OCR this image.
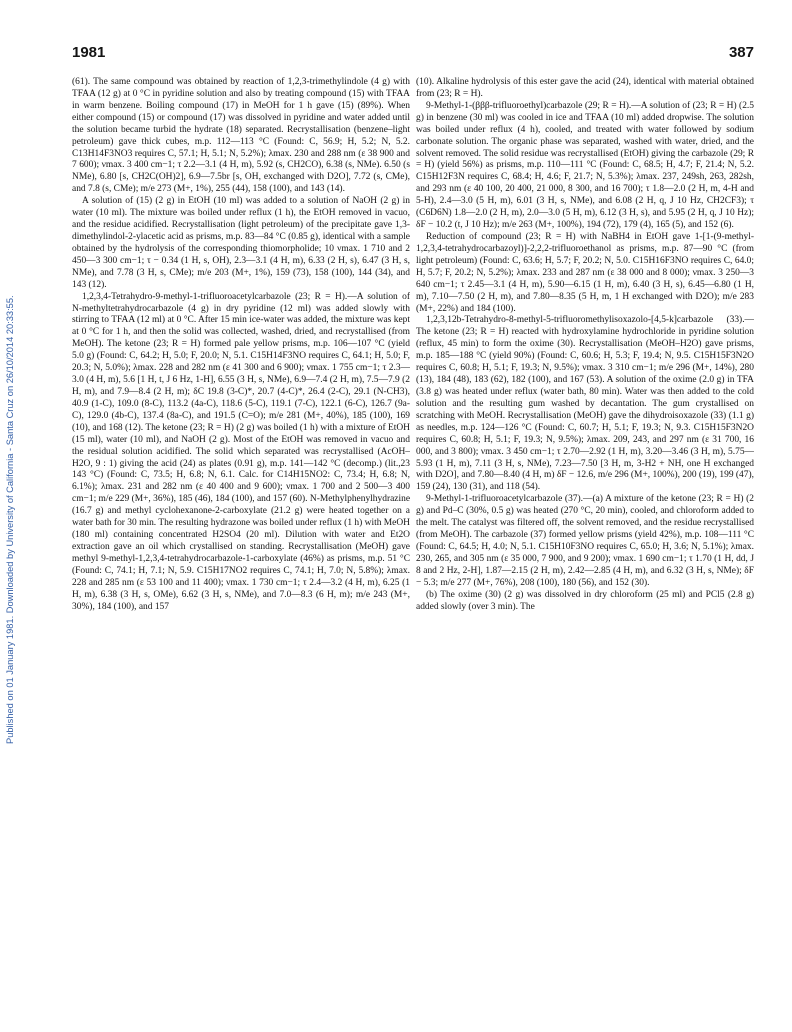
Published on 01 January 1981. Downloaded by University of California - Santa Cruz on 26/10/2014 20:33:55.
1981	387

(61). The same compound was obtained by reaction of 1,2,3-trimethylindole (4 g) with TFAA (12 g) at 0 °C in pyridine solution and also by treating compound (15) with TFAA in warm benzene. Boiling compound (17) in MeOH for 1 h gave (15) (89%). When either compound (15) or compound (17) was dissolved in pyridine and water added until the solution became turbid the hydrate (18) separated. Recrystallisation (benzene–light petroleum) gave thick cubes, m.p. 112—113 °C (Found: C, 56.9; H, 5.2; N, 5.2. C13H14F3NO3 requires C, 57.1; H, 5.1; N, 5.2%); λmax. 230 and 288 nm (ε 38 900 and 7 600); νmax. 3 400 cm−1; τ 2.2—3.1 (4 H, m), 5.92 (s, CH2CO), 6.38 (s, NMe). 6.50 (s NMe), 6.80 [s, CH2C(OH)2], 6.9—7.5br [s, OH, exchanged with D2O], 7.72 (s, CMe), and 7.8 (s, CMe); m/e 273 (M+, 1%), 255 (44), 158 (100), and 143 (14).

A solution of (15) (2 g) in EtOH (10 ml) was added to a solution of NaOH (2 g) in water (10 ml). The mixture was boiled under reflux (1 h), the EtOH removed in vacuo, and the residue acidified. Recrystallisation (light petroleum) of the precipitate gave 1,3-dimethylindol-2-ylacetic acid as prisms, m.p. 83—84 °C (0.85 g), identical with a sample obtained by the hydrolysis of the corresponding thiomorpholide; 10 νmax. 1 710 and 2 450—3 300 cm−1; τ − 0.34 (1 H, s, OH), 2.3—3.1 (4 H, m), 6.33 (2 H, s), 6.47 (3 H, s, NMe), and 7.78 (3 H, s, CMe); m/e 203 (M+, 1%), 159 (73), 158 (100), 144 (34), and 143 (12).

1,2,3,4-Tetrahydro-9-methyl-1-trifluoroacetylcarbazole (23; R = H).—A solution of N-methyltetrahydrocarbazole (4 g) in dry pyridine (12 ml) was added slowly with stirring to TFAA (12 ml) at 0 °C. After 15 min ice-water was added, the mixture was kept at 0 °C for 1 h, and then the solid was collected, washed, dried, and recrystallised (from MeOH). The ketone (23; R = H) formed pale yellow prisms, m.p. 106—107 °C (yield 5.0 g) (Found: C, 64.2; H, 5.0; F, 20.0; N, 5.1. C15H14F3NO requires C, 64.1; H, 5.0; F, 20.3; N, 5.0%); λmax. 228 and 282 nm (ε 41 300 and 6 900); νmax. 1 755 cm−1; τ 2.3—3.0 (4 H, m), 5.6 [1 H, t, J 6 Hz, 1-H], 6.55 (3 H, s, NMe), 6.9—7.4 (2 H, m), 7.5—7.9 (2 H, m), and 7.9—8.4 (2 H, m); δC 19.8 (3-C)*, 20.7 (4-C)*, 26.4 (2-C), 29.1 (N-CH3), 40.9 (1-C), 109.0 (8-C), 113.2 (4a-C), 118.6 (5-C), 119.1 (7-C), 122.1 (6-C), 126.7 (9a-C), 129.0 (4b-C), 137.4 (8a-C), and 191.5 (C=O); m/e 281 (M+, 40%), 185 (100), 169 (10), and 168 (12). The ketone (23; R = H) (2 g) was boiled (1 h) with a mixture of EtOH (15 ml), water (10 ml), and NaOH (2 g). Most of the EtOH was removed in vacuo and the residual solution acidified. The solid which separated was recrystallised (AcOH–H2O, 9 : 1) giving the acid (24) as plates (0.91 g), m.p. 141—142 °C (decomp.) (lit.,23 143 °C) (Found: C, 73.5; H, 6.8; N, 6.1. Calc. for C14H15NO2: C, 73.4; H, 6.8; N, 6.1%); λmax. 231 and 282 nm (ε 40 400 and 9 600); νmax. 1 700 and 2 500—3 400 cm−1; m/e 229 (M+, 36%), 185 (46), 184 (100), and 157 (60). N-Methylphenylhydrazine (16.7 g) and methyl cyclohexanone-2-carboxylate (21.2 g) were heated together on a water bath for 30 min. The resulting hydrazone was boiled under reflux (1 h) with MeOH (180 ml) containing concentrated H2SO4 (20 ml). Dilution with water and Et2O extraction gave an oil which crystallised on standing. Recrystallisation (MeOH) gave methyl 9-methyl-1,2,3,4-tetrahydrocarbazole-1-carboxylate (46%) as prisms, m.p. 51 °C (Found: C, 74.1; H, 7.1; N, 5.9. C15H17NO2 requires C, 74.1; H, 7.0; N, 5.8%); λmax. 228 and 285 nm (ε 53 100 and 11 400); νmax. 1 730 cm−1; τ 2.4—3.2 (4 H, m), 6.25 (1 H, m), 6.38 (3 H, s, OMe), 6.62 (3 H, s, NMe), and 7.0—8.3 (6 H, m); m/e 243 (M+, 30%), 184 (100), and 157

(10). Alkaline hydrolysis of this ester gave the acid (24), identical with material obtained from (23; R = H).

9-Methyl-1-(βββ-trifluoroethyl)carbazole (29; R = H).—A solution of (23; R = H) (2.5 g) in benzene (30 ml) was cooled in ice and TFAA (10 ml) added dropwise. The solution was boiled under reflux (4 h), cooled, and treated with water followed by sodium carbonate solution. The organic phase was separated, washed with water, dried, and the solvent removed. The solid residue was recrystallised (EtOH) giving the carbazole (29; R = H) (yield 56%) as prisms, m.p. 110—111 °C (Found: C, 68.5; H, 4.7; F, 21.4; N, 5.2. C15H12F3N requires C, 68.4; H, 4.6; F, 21.7; N, 5.3%); λmax. 237, 249sh, 263, 282sh, and 293 nm (ε 40 100, 20 400, 21 000, 8 300, and 16 700); τ 1.8—2.0 (2 H, m, 4-H and 5-H), 2.4—3.0 (5 H, m), 6.01 (3 H, s, NMe), and 6.08 (2 H, q, J 10 Hz, CH2CF3); τ (C6D6N) 1.8—2.0 (2 H, m), 2.0—3.0 (5 H, m), 6.12 (3 H, s), and 5.95 (2 H, q, J 10 Hz); δF − 10.2 (t, J 10 Hz); m/e 263 (M+, 100%), 194 (72), 179 (4), 165 (5), and 152 (6).

Reduction of compound (23; R = H) with NaBH4 in EtOH gave 1-[1-(9-methyl-1,2,3,4-tetrahydrocarbazoyl)]-2,2,2-trifluoroethanol as prisms, m.p. 87—90 °C (from light petroleum) (Found: C, 63.6; H, 5.7; F, 20.2; N, 5.0. C15H16F3NO requires C, 64.0; H, 5.7; F, 20.2; N, 5.2%); λmax. 233 and 287 nm (ε 38 000 and 8 000); νmax. 3 250—3 640 cm−1; τ 2.45—3.1 (4 H, m), 5.90—6.15 (1 H, m), 6.40 (3 H, s), 6.45—6.80 (1 H, m), 7.10—7.50 (2 H, m), and 7.80—8.35 (5 H, m, 1 H exchanged with D2O); m/e 283 (M+, 22%) and 184 (100).

1,2,3,12b-Tetrahydro-8-methyl-5-trifluoromethylisoxazolo-[4,5-k]carbazole (33).—The ketone (23; R = H) reacted with hydroxylamine hydrochloride in pyridine solution (reflux, 45 min) to form the oxime (30). Recrystallisation (MeOH–H2O) gave prisms, m.p. 185—188 °C (yield 90%) (Found: C, 60.6; H, 5.3; F, 19.4; N, 9.5. C15H15F3N2O requires C, 60.8; H, 5.1; F, 19.3; N, 9.5%); νmax. 3 310 cm−1; m/e 296 (M+, 14%), 280 (13), 184 (48), 183 (62), 182 (100), and 167 (53). A solution of the oxime (2.0 g) in TFA (3.8 g) was heated under reflux (water bath, 80 min). Water was then added to the cold solution and the resulting gum washed by decantation. The gum crystallised on scratching with MeOH. Recrystallisation (MeOH) gave the dihydroisoxazole (33) (1.1 g) as needles, m.p. 124—126 °C (Found: C, 60.7; H, 5.1; F, 19.3; N, 9.3. C15H15F3N2O requires C, 60.8; H, 5.1; F, 19.3; N, 9.5%); λmax. 209, 243, and 297 nm (ε 31 700, 16 000, and 3 800); νmax. 3 450 cm−1; τ 2.70—2.92 (1 H, m), 3.20—3.46 (3 H, m), 5.75—5.93 (1 H, m), 7.11 (3 H, s, NMe), 7.23—7.50 [3 H, m, 3-H2 + NH, one H exchanged with D2O], and 7.80—8.40 (4 H, m) δF − 12.6, m/e 296 (M+, 100%), 200 (19), 199 (47), 159 (24), 130 (31), and 118 (54).

9-Methyl-1-trifluoroacetylcarbazole (37).—(a) A mixture of the ketone (23; R = H) (2 g) and Pd–C (30%, 0.5 g) was heated (270 °C, 20 min), cooled, and chloroform added to the melt. The catalyst was filtered off, the solvent removed, and the residue recrystallised (from MeOH). The carbazole (37) formed yellow prisms (yield 42%), m.p. 108—111 °C (Found: C, 64.5; H, 4.0; N, 5.1. C15H10F3NO requires C, 65.0; H, 3.6; N, 5.1%); λmax. 230, 265, and 305 nm (ε 35 000, 7 900, and 9 200); νmax. 1 690 cm−1; τ 1.70 (1 H, dd, J 8 and 2 Hz, 2-H], 1.87—2.15 (2 H, m), 2.42—2.85 (4 H, m), and 6.32 (3 H, s, NMe); δF − 5.3; m/e 277 (M+, 76%), 208 (100), 180 (56), and 152 (30).

(b) The oxime (30) (2 g) was dissolved in dry chloroform (25 ml) and PCl5 (2.8 g) added slowly (over 3 min). The
